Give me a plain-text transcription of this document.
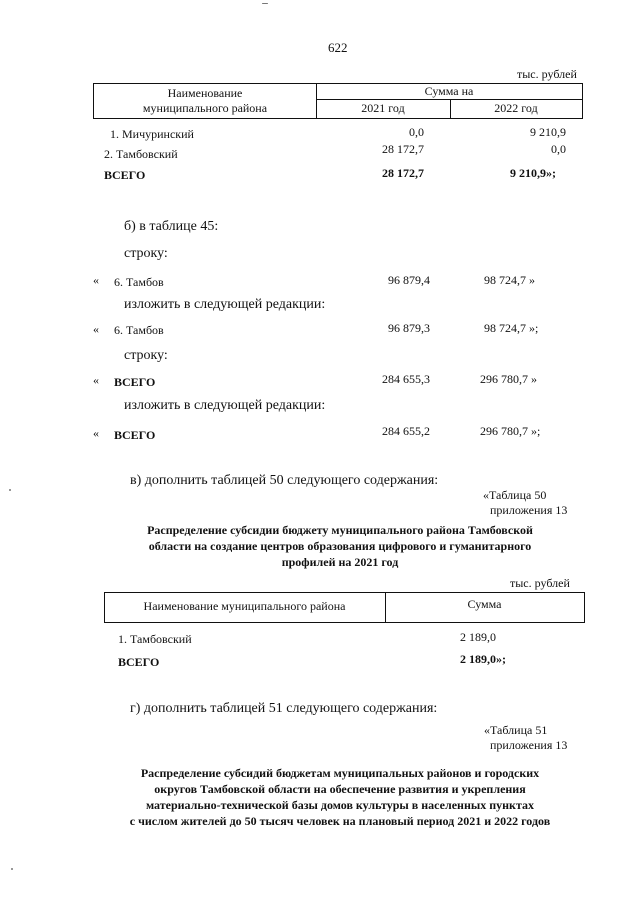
622
тыс. рублей
Наименование
муниципального района
Сумма на
2021 год	2022 год
1. Мичуринский	0,0	9 210,9
2. Тамбовский	28 172,7	0,0
ВСЕГО	28 172,7	9 210,9»;
б) в таблице 45:
строку:
« 6. Тамбов	96 879,4	98 724,7 »
изложить в следующей редакции:
« 6. Тамбов	96 879,3	98 724,7 »;
строку:
« ВСЕГО	284 655,3	296 780,7 »
изложить в следующей редакции:
« ВСЕГО	284 655,2	296 780,7 »;
в) дополнить таблицей 50 следующего содержания:
«Таблица 50
приложения 13
Распределение субсидии бюджету муниципального района Тамбовской
области на создание центров образования цифрового и гуманитарного
профилей на 2021 год
тыс. рублей
Наименование муниципального района	Сумма
1. Тамбовский	2 189,0
ВСЕГО	2 189,0»;
г) дополнить таблицей 51 следующего содержания:
«Таблица 51
приложения 13
Распределение субсидий бюджетам муниципальных районов и городских
округов Тамбовской области на обеспечение развития и укрепления
материально-технической базы домов культуры в населенных пунктах
с числом жителей до 50 тысяч человек на плановый период 2021 и 2022 годов
